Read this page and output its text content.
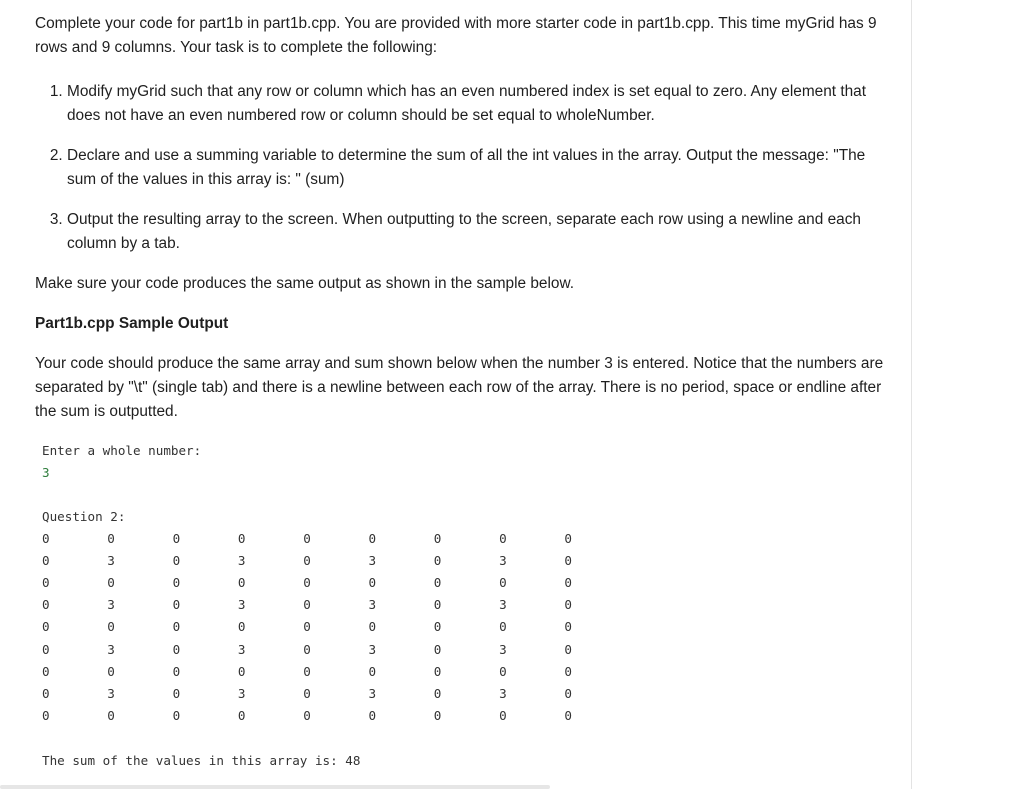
Complete your code for part1b in part1b.cpp. You are provided with more starter code in part1b.cpp. This time myGrid has 9 rows and 9 columns. Your task is to complete the following:

1. Modify myGrid such that any row or column which has an even numbered index is set equal to zero. Any element that does not have an even numbered row or column should be set equal to wholeNumber.
2. Declare and use a summing variable to determine the sum of all the int values in the array. Output the message: "The sum of the values in this array is: " (sum)
3. Output the resulting array to the screen. When outputting to the screen, separate each row using a newline and each column by a tab.

Make sure your code produces the same output as shown in the sample below.

Part1b.cpp Sample Output

Your code should produce the same array and sum shown below when the number 3 is entered. Notice that the numbers are separated by "\t" (single tab) and there is a newline between each row of the array. There is no period, space or endline after the sum is outputted.

Enter a whole number:
3
Question 2:
0	0	0	0	0	0	0	0	0
0	3	0	3	0	3	0	3	0
0	0	0	0	0	0	0	0	0
0	3	0	3	0	3	0	3	0
0	0	0	0	0	0	0	0	0
0	3	0	3	0	3	0	3	0
0	0	0	0	0	0	0	0	0
0	3	0	3	0	3	0	3	0
0	0	0	0	0	0	0	0	0
The sum of the values in this array is: 48
